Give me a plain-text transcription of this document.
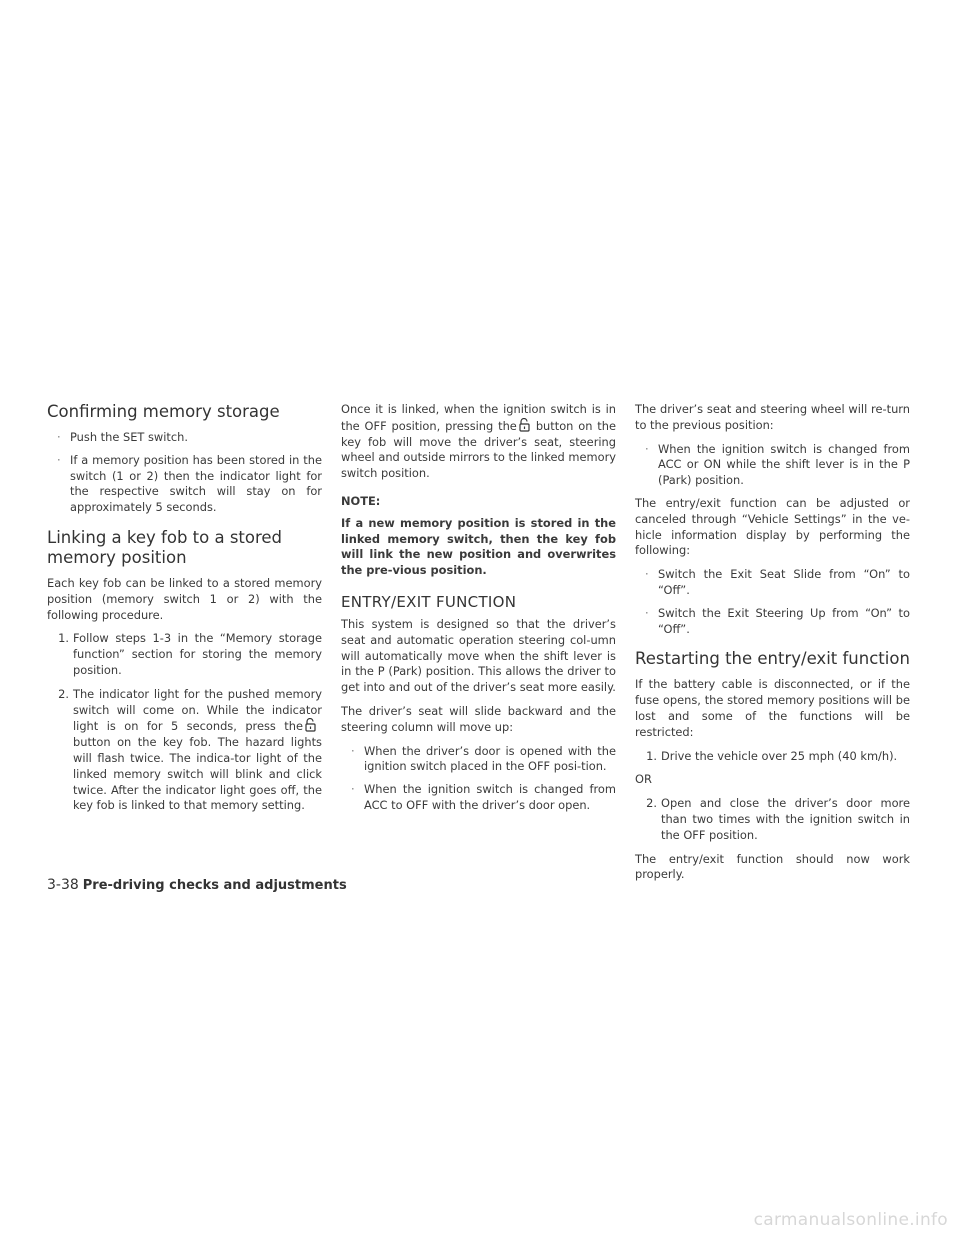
Confirming memory storage
· Push the SET switch.
· If a memory position has been stored in the switch (1 or 2) then the indicator light for the respective switch will stay on for approximately 5 seconds.
Linking a key fob to a stored memory position

Each key fob can be linked to a stored memory position (memory switch 1 or 2) with the following procedure.

1. Follow steps 1-3 in the “Memory storage function” section for storing the memory position.
2. The indicator light for the pushed memory switch will come on. While the indicator light is on for 5 seconds, press thebutton on the key fob. The hazard lights will flash twice. The indica-tor light of the linked memory switch will blink and click twice. After the indicator light goes off, the key fob is linked to that memory setting.

Once it is linked, when the ignition switch is in the OFF position, pressing the button on the key fob will move the driver’s seat, steering wheel and outside mirrors to the linked memory switch position.

NOTE:
If a new memory position is stored in the linked memory switch, then the key fob will link the new position and overwrites the pre-vious position.
ENTRY/EXIT FUNCTION

This system is designed so that the driver’s seat and automatic operation steering col-umn will automatically move when the shift lever is in the P (Park) position. This allows the driver to get into and out of the driver’s seat more easily.

The driver’s seat will slide backward and the steering column will move up:

· When the driver’s door is opened with the ignition switch placed in the OFF posi-tion.
· When the ignition switch is changed from ACC to OFF with the driver’s door open.

The driver’s seat and steering wheel will re-turn to the previous position:

· When the ignition switch is changed from ACC or ON while the shift lever is in the P (Park) position.

The entry/exit function can be adjusted or canceled through “Vehicle Settings” in the ve-hicle information display by performing the following:

· Switch the Exit Seat Slide from “On” to “Off”.
· Switch the Exit Steering Up from “On” to “Off”.
Restarting the entry/exit function

If the battery cable is disconnected, or if the fuse opens, the stored memory positions will be lost and some of the functions will be restricted:

1. Drive the vehicle over 25 mph (40 km/h).

OR

2. Open and close the driver’s door more than two times with the ignition switch in the OFF position.

The entry/exit function should now work properly.

3-38 Pre-driving checks and adjustments
carmanualsonline.info
